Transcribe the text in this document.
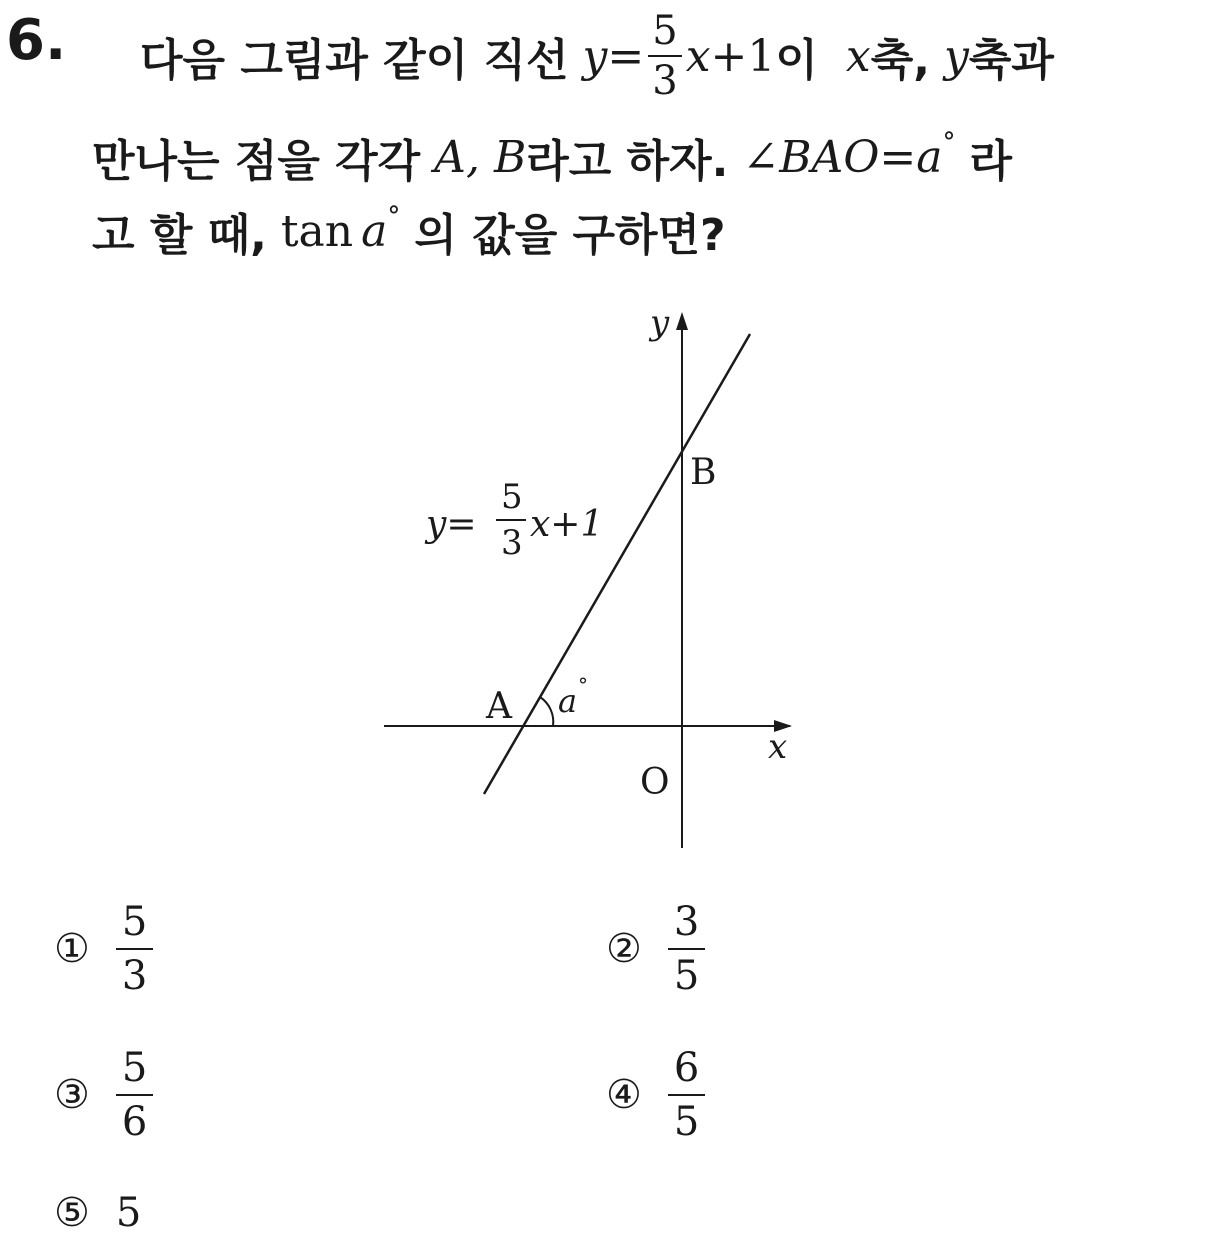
6. 다음 그림과 같이 직선 $y = \frac{5}{3}$ x +1 이 x 축, y 축과
만나는 점을 각각 A, B 라고 하자. ∠BAO=a ° 라
고 할 때, tan a ° 의 값을 구하면?
y
x
O
A
B
a °
y=
5
3 x+1
① $\frac{5}{3}$	② $\frac{3}{5}$
③ $\frac{5}{6}$	④ $\frac{6}{5}$
⑤ 5
